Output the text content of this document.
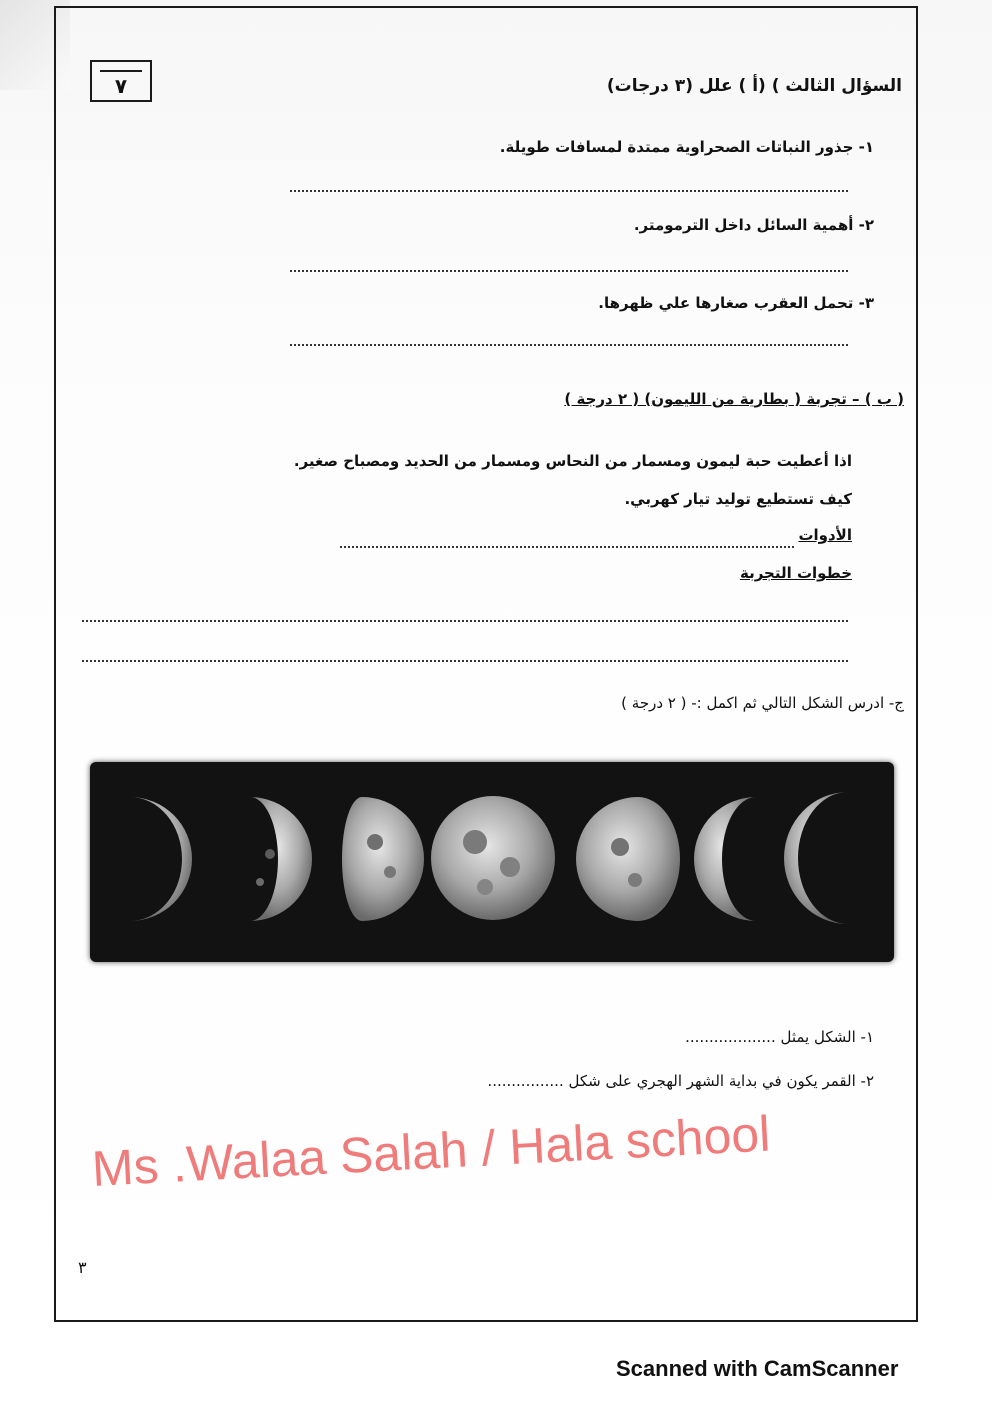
٧	السؤال الثالث ) (أ ) علل (٣ درجات)
١- جذور النباتات الصحراوية ممتدة لمسافات طويلة.
٢- أهمية السائل داخل الترمومتر.
٣- تحمل العقرب صغارها علي ظهرها.
( ب ) – تجربة ( بطارية من الليمون) ( ٢ درجة )
اذا أعطيت حبة ليمون ومسمار من النحاس ومسمار من الحديد ومصباح صغير.
كيف تستطيع توليد تيار كهربي.
الأدوات
خطوات التجربة
ج- ادرس الشكل التالي ثم اكمل :- ( ٢ درجة )
١- الشكل يمثل ...................
٢- القمر يكون في بداية الشهر الهجري على شكل ................
Ms .Walaa Salah / Hala school
٣
Scanned with CamScanner
